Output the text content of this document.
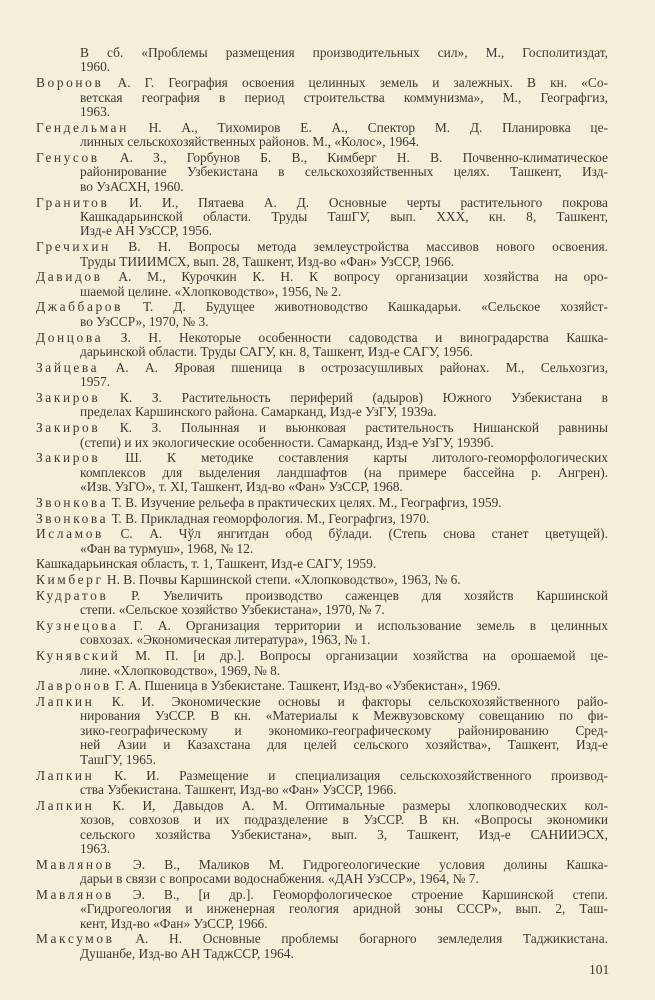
В сб. «Проблемы размещения производительных сил», М., Госполитиздат,
1960.
Воронов А. Г. География освоения целинных земель и залежных. В кн. «Со-
ветская география в период строительства коммунизма», М., Географгиз,
1963.
Гендельман Н. А., Тихомиров Е. А., Спектор М. Д. Планировка це-
линных сельскохозяйственных районов. М., «Колос», 1964.
Генусов А. З., Горбунов Б. В., Кимберг Н. В. Почвенно-климатическое
районирование Узбекистана в сельскохозяйственных целях. Ташкент, Изд-
во УзАСХН, 1960.
Гранитов И. И., Пятаева А. Д. Основные черты растительного покрова
Кашкадарьинской области. Труды ТашГУ, вып. XXX, кн. 8, Ташкент,
Изд-е АН УзССР, 1956.
Гречихин В. Н. Вопросы метода землеустройства массивов нового освоения.
Труды ТИИИМСХ, вып. 28, Ташкент, Изд-во «Фан» УзССР, 1966.
Давидов А. М., Курочкин К. Н. К вопросу организации хозяйства на оро-
шаемой целине. «Хлопководство», 1956, № 2.
Джаббаров Т. Д. Будущее животноводство Кашкадарьи. «Сельское хозяйст-
во УзССР», 1970, № 3.
Донцова З. Н. Некоторые особенности садоводства и виноградарства Кашка-
дарьинской области. Труды САГУ, кн. 8, Ташкент, Изд-е САГУ, 1956.
Зайцева А. А. Яровая пшеница в острозасушливых районах. М., Сельхозгиз,
1957.
Закиров К. З. Растительность периферий (адыров) Южного Узбекистана в
пределах Каршинского района. Самарканд, Изд-е УзГУ, 1939а.
Закиров К. З. Полынная и вьюнковая растительность Нишанской равнины
(степи) и их экологические особенности. Самарканд, Изд-е УзГУ, 1939б.
Закиров Ш. К методике составления карты литолого-геоморфологических
комплексов для выделения ландшафтов (на примере бассейна р. Ангрен).
«Изв. УзГО», т. XI, Ташкент, Изд-во «Фан» УзССР, 1968.
Звонкова Т. В. Изучение рельефа в практических целях. М., Географгиз, 1959.
Звонкова Т. В. Прикладная геоморфология. М., Географгиз, 1970.
Исламов С. А. Чўл янгитдан обод бўлади. (Степь снова станет цветущей).
«Фан ва турмуш», 1968, № 12.
Кашкадарьинская область, т. 1, Ташкент, Изд-е САГУ, 1959.
Кимберг Н. В. Почвы Каршинской степи. «Хлопководство», 1963, № 6.
Кудратов Р. Увеличить производство саженцев для хозяйств Каршинской
степи. «Сельское хозяйство Узбекистана», 1970, № 7.
Кузнецова Г. А. Организация территории и использование земель в целинных
совхозах. «Экономическая литература», 1963, № 1.
Кунявский М. П. [и др.]. Вопросы организации хозяйства на орошаемой це-
лине. «Хлопководство», 1969, № 8.
Лавронов Г. А. Пшеница в Узбекистане. Ташкент, Изд-во «Узбекистан», 1969.
Лапкин К. И. Экономические основы и факторы сельскохозяйственного райо-
нирования УзССР. В кн. «Материалы к Межвузовскому совещанию по фи-
зико-географическому и экономико-географическому районированию Сред-
ней Азии и Казахстана для целей сельского хозяйства», Ташкент, Изд-е
ТашГУ, 1965.
Лапкин К. И. Размещение и специализация сельскохозяйственного производ-
ства Узбекистана. Ташкент, Изд-во «Фан» УзССР, 1966.
Лапкин К. И, Давыдов А. М. Оптимальные размеры хлопководческих кол-
хозов, совхозов и их подразделение в УзССР. В кн. «Вопросы экономики
сельского хозяйства Узбекистана», вып. 3, Ташкент, Изд-е САНИИЭСХ,
1963.
Мавлянов Э. В., Маликов М. Гидрогеологические условия долины Кашка-
дарьи в связи с вопросами водоснабжения. «ДАН УзССР», 1964, № 7.
Мавлянов Э. В., [и др.]. Геоморфологическое строение Каршинской степи.
«Гидрогеология и инженерная геология аридной зоны СССР», вып. 2, Таш-
кент, Изд-во «Фан» УзССР, 1966.
Максумов А. Н. Основные проблемы богарного земледелия Таджикистана.
Душанбе, Изд-во АН ТаджССР, 1964.
101
